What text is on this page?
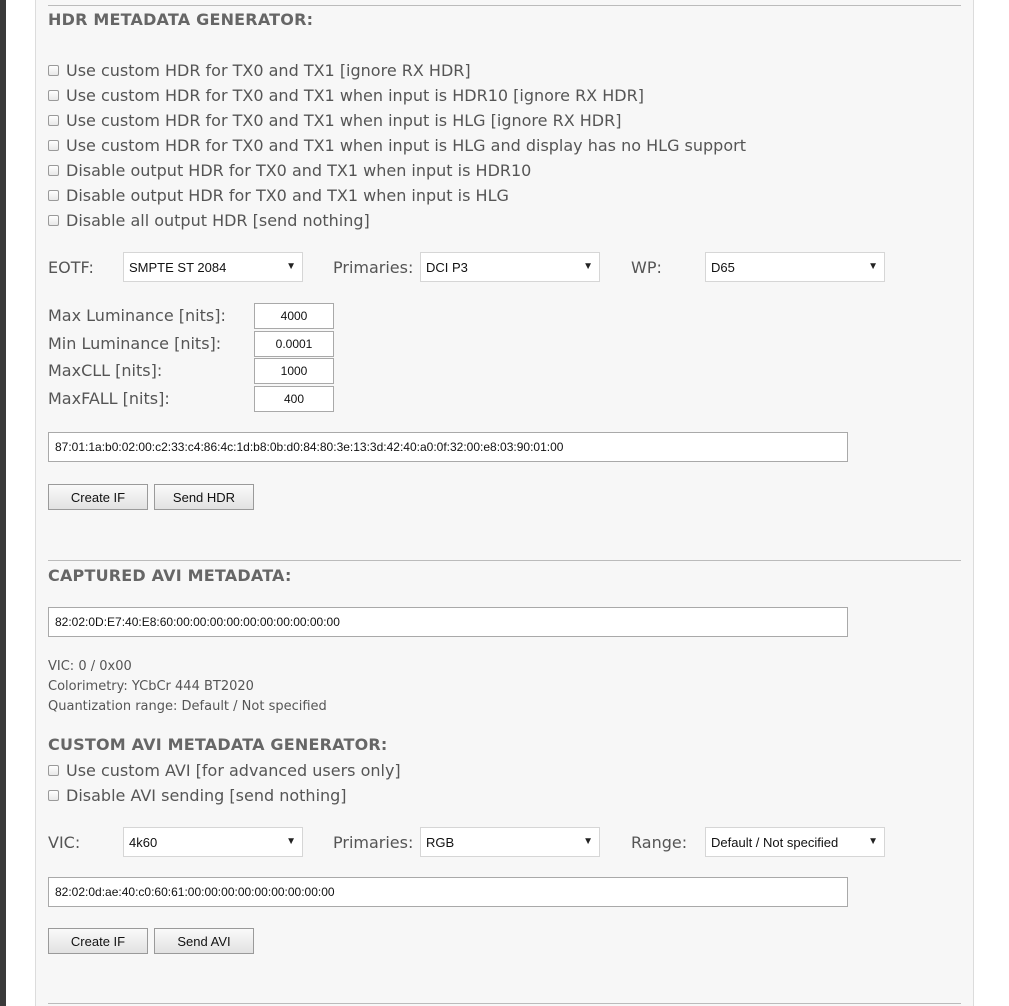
HDR METADATA GENERATOR:
Use custom HDR for TX0 and TX1 [ignore RX HDR]
Use custom HDR for TX0 and TX1 when input is HDR10 [ignore RX HDR]
Use custom HDR for TX0 and TX1 when input is HLG [ignore RX HDR]
Use custom HDR for TX0 and TX1 when input is HLG and display has no HLG support
Disable output HDR for TX0 and TX1 when input is HDR10
Disable output HDR for TX0 and TX1 when input is HLG
Disable all output HDR [send nothing]
EOTF:	SMPTE ST 2084	▼ Primaries: DCI P3	▼ WP:	D65	▼
Max Luminance [nits]:	4000
Min Luminance [nits]:	0.0001
MaxCLL [nits]:	1000
MaxFALL [nits]:	400
87:01:1a:b0:02:00:c2:33:c4:86:4c:1d:b8:0b:d0:84:80:3e:13:3d:42:40:a0:0f:32:00:e8:03:90:01:00
Create IF	Send HDR
CAPTURED AVI METADATA:
82:02:0D:E7:40:E8:60:00:00:00:00:00:00:00:00:00:00
VIC: 0 / 0x00
Colorimetry: YCbCr 444 BT2020
Quantization range: Default / Not specified
CUSTOM AVI METADATA GENERATOR:
Use custom AVI [for advanced users only]
Disable AVI sending [send nothing]
VIC:	4k60	▼ Primaries: RGB	▼ Range: Default / Not specified	▼
82:02:0d:ae:40:c0:60:61:00:00:00:00:00:00:00:00:00
Create IF	Send AVI
